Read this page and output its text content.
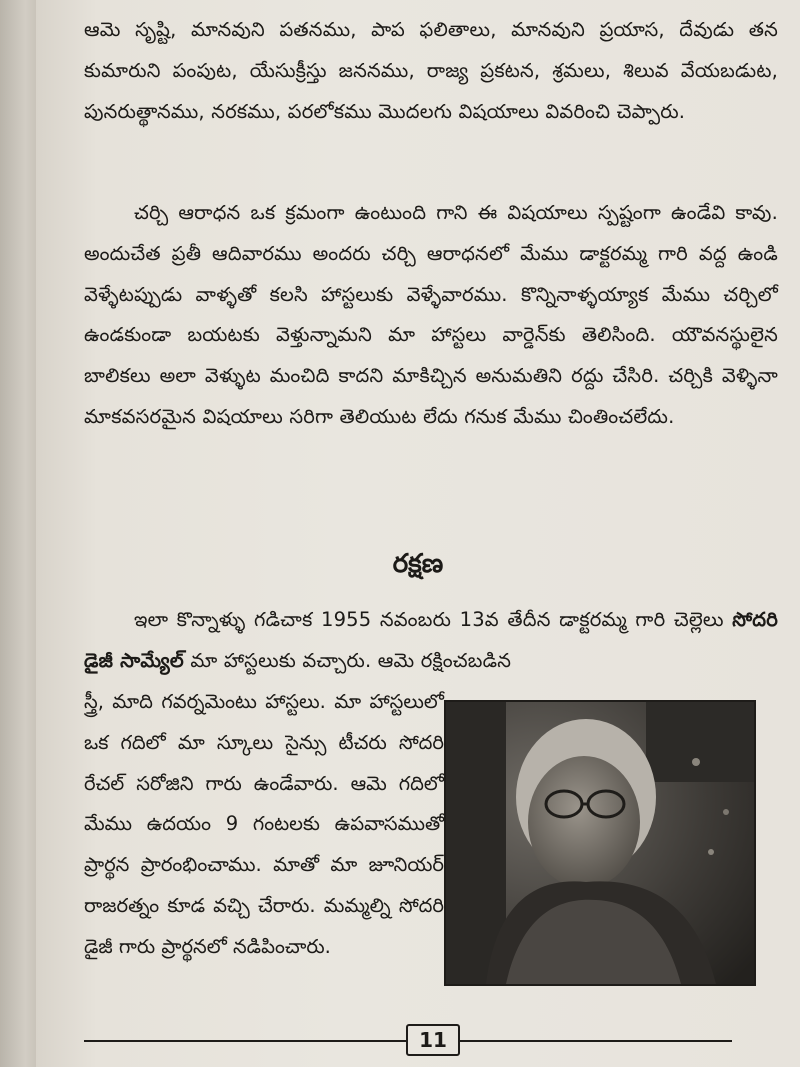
ఆమె సృష్టి, మానవుని పతనము, పాప ఫలితాలు, మానవుని ప్రయాస, దేవుడు తన కుమారుని పంపుట, యేసుక్రీస్తు జననము, రాజ్య ప్రకటన, శ్రమలు, శిలువ వేయబడుట, పునరుత్థానము, నరకము, పరలోకము మొదలగు విషయాలు వివరించి చెప్పారు.

చర్చి ఆరాధన ఒక క్రమంగా ఉంటుంది గాని ఈ విషయాలు స్పష్టంగా ఉండేవి కావు. అందుచేత ప్రతీ ఆదివారము అందరు చర్చి ఆరాధనలో మేము డాక్టరమ్మ గారి వద్ద ఉండి వెళ్ళేటప్పుడు వాళ్ళతో కలసి హాస్టలుకు వెళ్ళేవారము. కొన్నినాళ్ళయ్యాక మేము చర్చిలో ఉండకుండా బయటకు వెళ్తున్నామని మా హాస్టలు వార్డెన్‌కు తెలిసింది. యౌవనస్థులైన బాలికలు అలా వెళ్ళుట మంచిది కాదని మాకిచ్చిన అనుమతిని రద్దు చేసిరి. చర్చికి వెళ్ళినా మాకవసరమైన విషయాలు సరిగా తెలియుట లేదు గనుక మేము చింతించలేదు.

రక్షణ

ఇలా కొన్నాళ్ళు గడిచాక 1955 నవంబరు 13వ తేదీన డాక్టరమ్మ గారి చెల్లెలు సోదరి డైజీ సామ్యేల్ మా హాస్టలుకు వచ్చారు. ఆమె రక్షించబడిన

స్త్రీ, మాది గవర్నమెంటు హాస్టలు. మా హాస్టలులో ఒక గదిలో మా స్కూలు సైన్సు టీచరు సోదరి రేచల్ సరోజిని గారు ఉండేవారు. ఆమె గదిలో మేము ఉదయం 9 గంటలకు ఉపవాసముతో ప్రార్థన ప్రారంభించాము. మాతో మా జూనియర్ రాజరత్నం కూడ వచ్చి చేరారు. మమ్మల్ని సోదరి డైజీ గారు ప్రార్థనలో నడిపించారు.

11
